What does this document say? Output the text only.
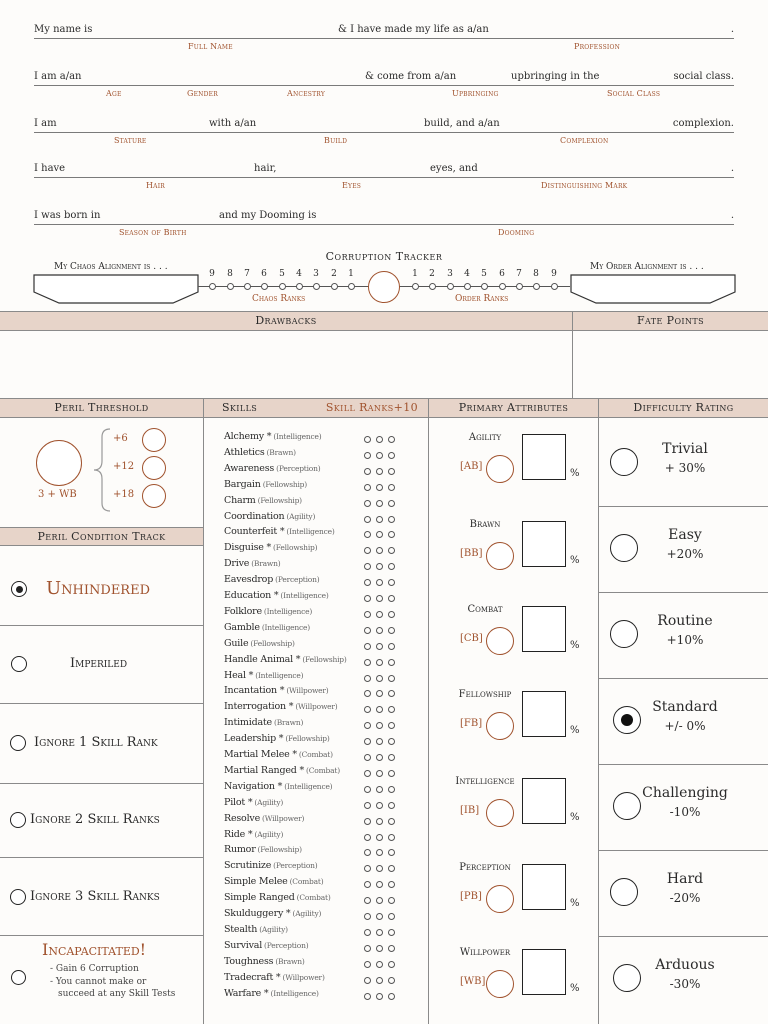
My name is	& I have made my life as a/an	.
Full Name	Profession
I am a/an	& come from a/an	upbringing in the	social class.
Age	Gender	Ancestry	Upbringing	Social Class
I am	with a/an	build, and a/an	complexion.
Stature	Build	Complexion
I have	hair,	eyes, and	.
Hair	Eyes	Distinguishing Mark
I was born in	and my Dooming is	.
Season of Birth	Dooming
Corruption Tracker
My Chaos Alignment is . . .	My Order Alignment is . . .
9	8	7	6	5	4	3	2	1	1	2	3	4	5	6	7	8	9
Chaos Ranks	Order Ranks
Drawbacks	Fate Points
Peril Threshold	Skills	Skill Ranks+10	Primary Attributes	Difficulty Rating
3 + WB
+6
+12
+18
Peril Condition Track
Unhindered
Imperiled
Ignore 1 Skill Rank
Ignore 2 Skill Ranks
Ignore 3 Skill Ranks
Incapacitated!
- Gain 6 Corruption
- You cannot make or
succeed at any Skill Tests
Alchemy * (Intelligence)
Athletics (Brawn)
Awareness (Perception)
Bargain (Fellowship)
Charm (Fellowship)
Coordination (Agility)
Counterfeit * (Intelligence)
Disguise * (Fellowship)
Drive (Brawn)
Eavesdrop (Perception)
Education * (Intelligence)
Folklore (Intelligence)
Gamble (Intelligence)
Guile (Fellowship)
Handle Animal * (Fellowship)
Heal * (Intelligence)
Incantation * (Willpower)
Interrogation * (Willpower)
Intimidate (Brawn)
Leadership * (Fellowship)
Martial Melee * (Combat)
Martial Ranged * (Combat)
Navigation * (Intelligence)
Pilot * (Agility)
Resolve (Willpower)
Ride * (Agility)
Rumor (Fellowship)
Scrutinize (Perception)
Simple Melee (Combat)
Simple Ranged (Combat)
Skulduggery * (Agility)
Stealth (Agility)
Survival (Perception)
Toughness (Brawn)
Tradecraft * (Willpower)
Warfare * (Intelligence)
Agility
[AB]
%
Brawn
[BB]
%
Combat
[CB]
%
Fellowship
[FB]
%
Intelligence
[IB]
%
Perception
[PB]
%
Willpower
[WB]
%
Trivial
+ 30%
Easy
+20%
Routine
+10%
Standard
+/- 0%
Challenging
-10%
Hard
-20%
Arduous
-30%
